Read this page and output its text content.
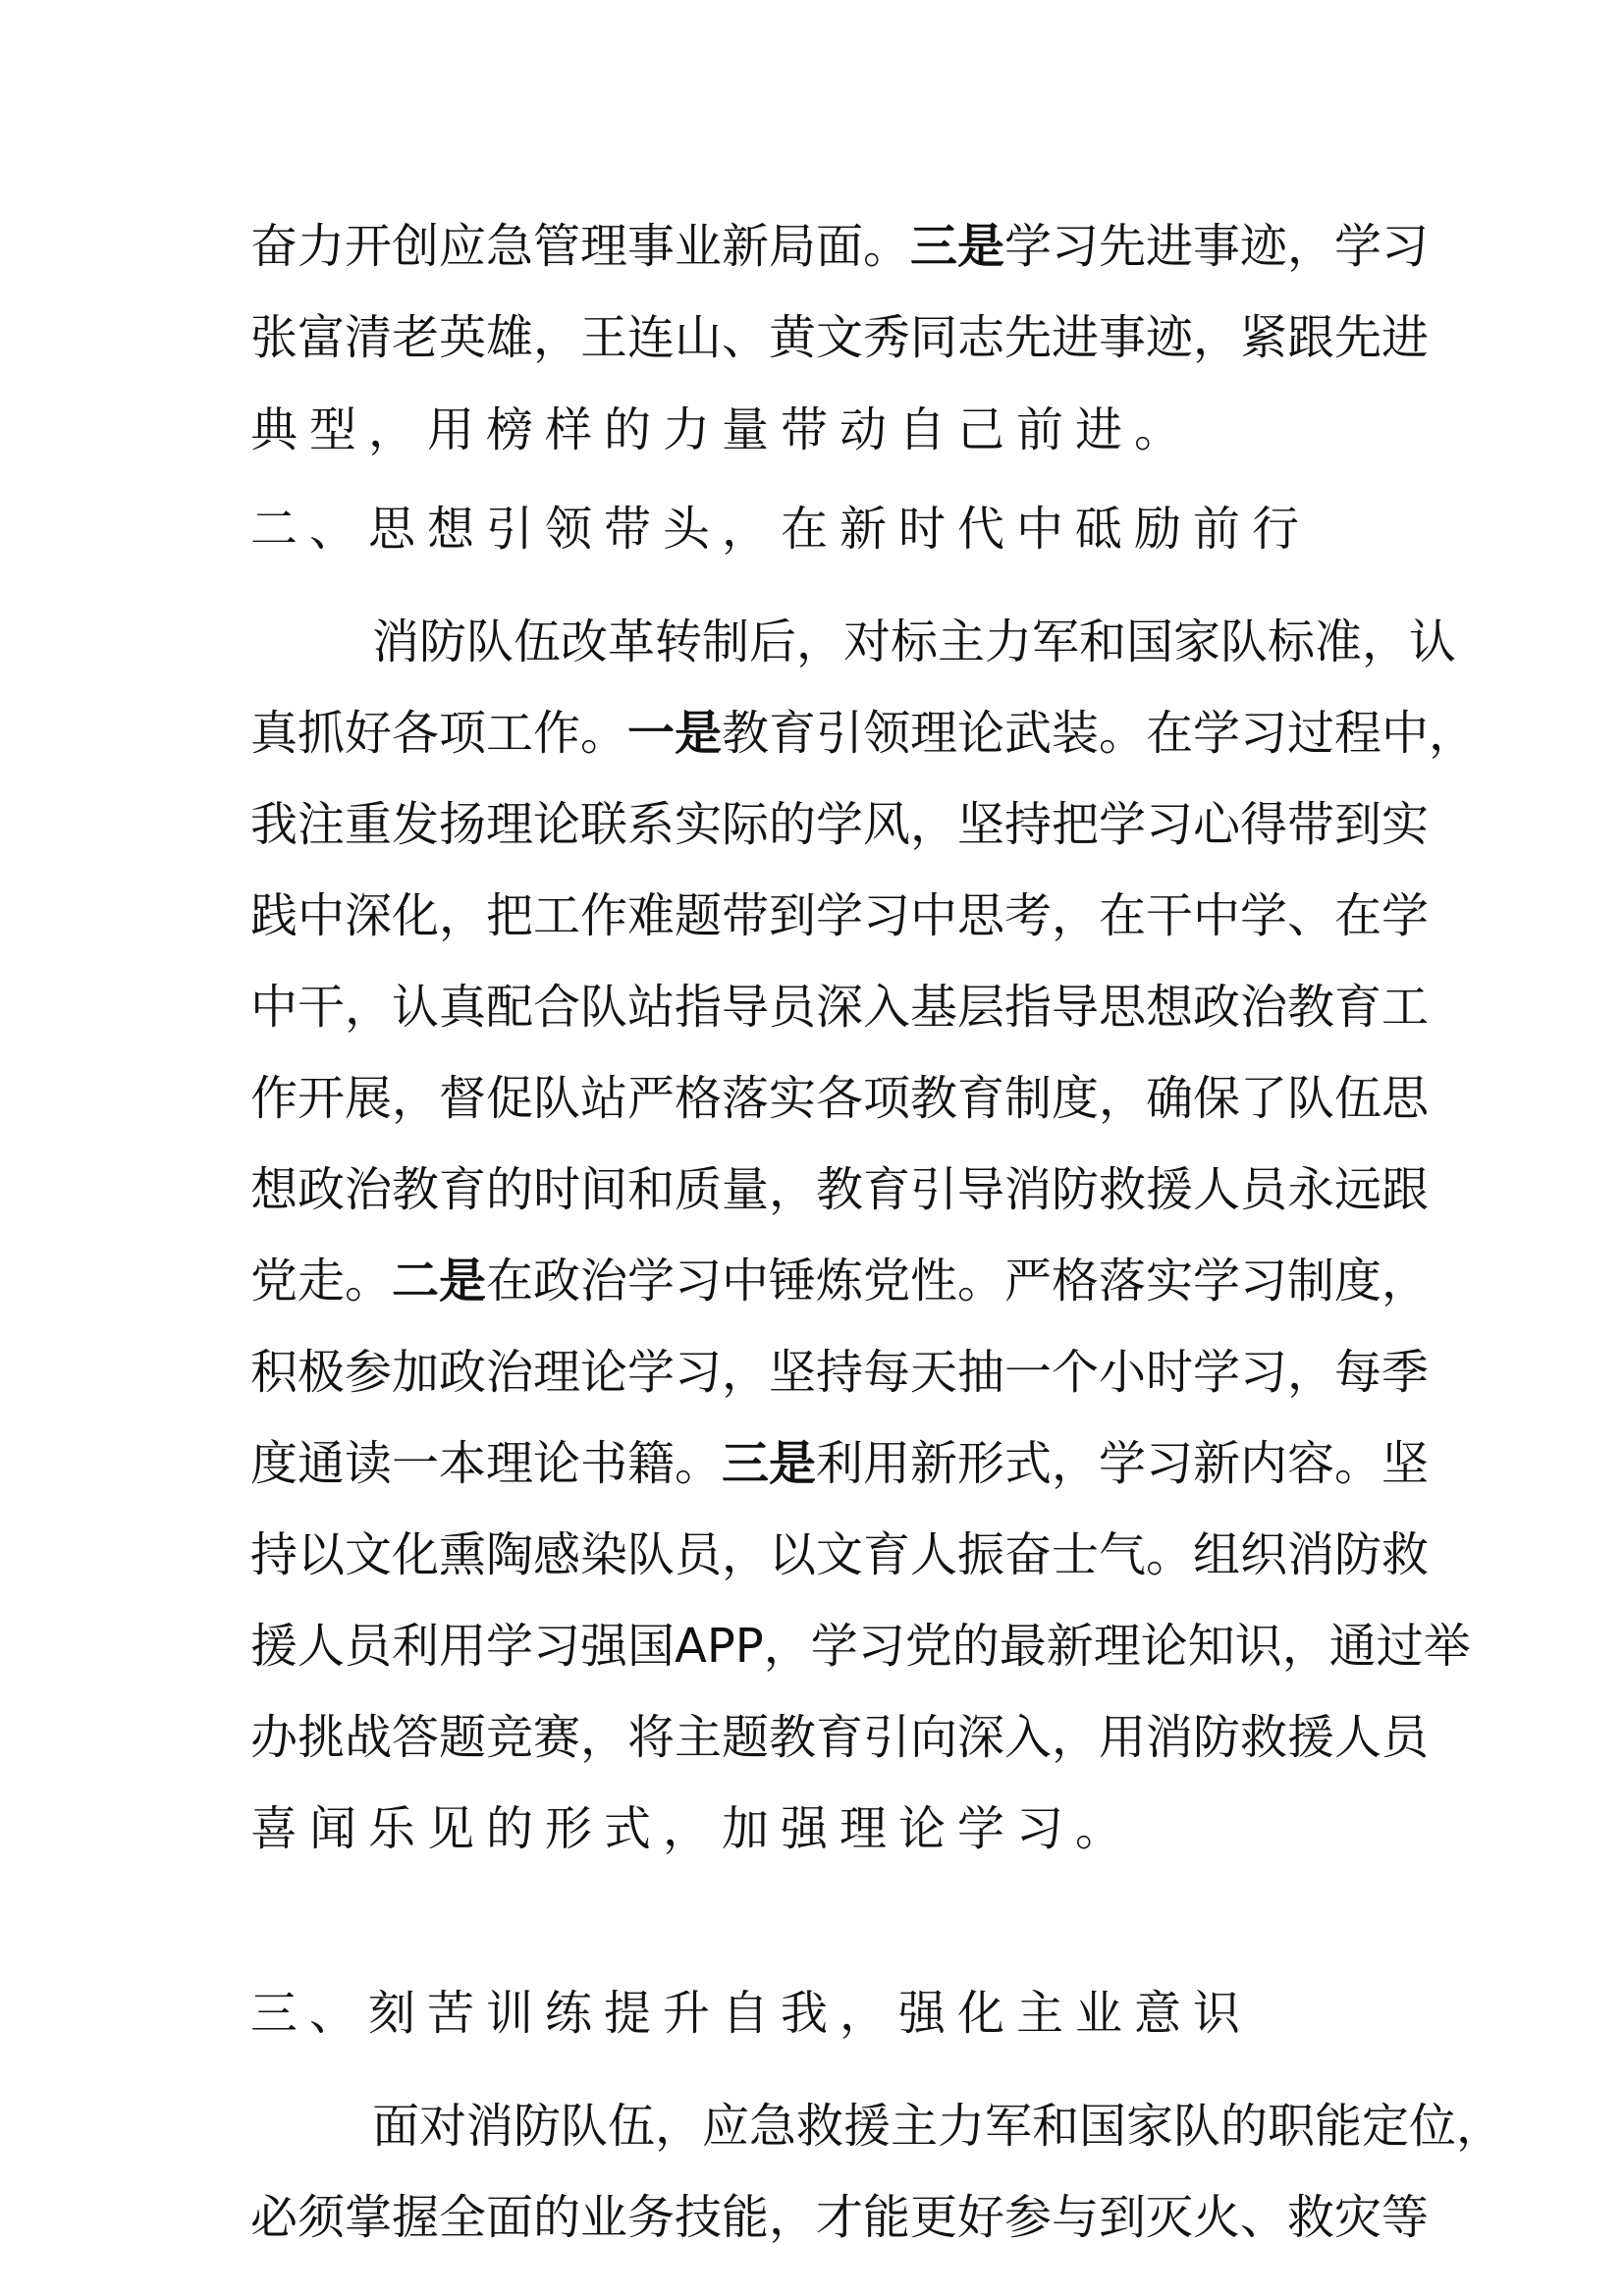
奋力开创应急管理事业新局面。三是学习先进事迹，学习
张富清老英雄，王连山、黄文秀同志先进事迹，紧跟先进
典型，用榜样的力量带动自己前进。
二、思想引领带头，在新时代中砥励前行
消防队伍改革转制后，对标主力军和国家队标准，认
真抓好各项工作。一是教育引领理论武装。在学习过程中，
我注重发扬理论联系实际的学风，坚持把学习心得带到实
践中深化，把工作难题带到学习中思考，在干中学、在学
中干，认真配合队站指导员深入基层指导思想政治教育工
作开展，督促队站严格落实各项教育制度，确保了队伍思
想政治教育的时间和质量，教育引导消防救援人员永远跟
党走。二是在政治学习中锤炼党性。严格落实学习制度，
积极参加政治理论学习，坚持每天抽一个小时学习，每季
度通读一本理论书籍。三是利用新形式，学习新内容。坚
持以文化熏陶感染队员，以文育人振奋士气。组织消防救
援人员利用学习强国APP，学习党的最新理论知识，通过举
办挑战答题竞赛，将主题教育引向深入，用消防救援人员
喜闻乐见的形式，加强理论学习。
三、刻苦训练提升自我，强化主业意识
面对消防队伍，应急救援主力军和国家队的职能定位，
必须掌握全面的业务技能，才能更好参与到灭火、救灾等
